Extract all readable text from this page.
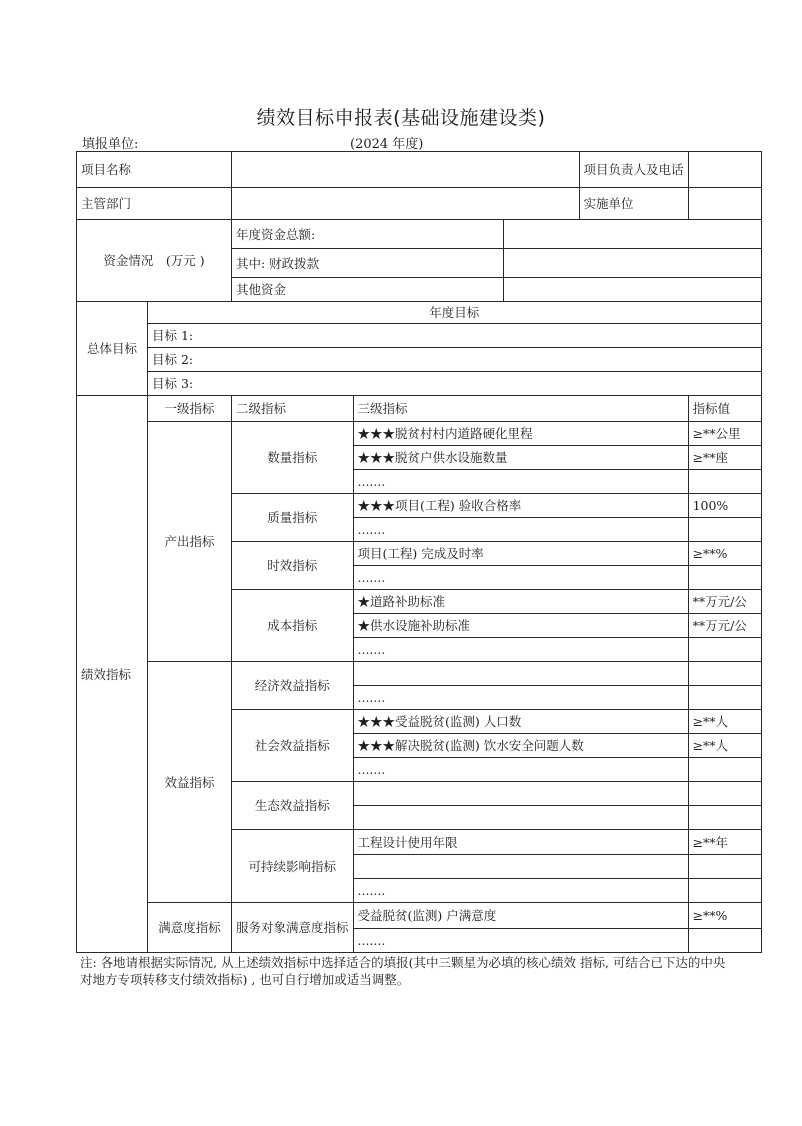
绩效目标申报表(基础设施建设类)
填报单位:	(2024 年度)
项目名称					项目负责人及电话	
主管部门					实施单位	
资金情况　(万元 )		年度资金总额:				
		其中: 财政拨款				
		其他资金				
总体目标	年度目标					
	目标 1:					
	目标 2:					
	目标 3:					
绩效指标	一级指标	二级指标	三级指标			指标值
	产出指标	数量指标	★★★脱贫村村内道路硬化里程			≥**公里
			★★★脱贫户供水设施数量			≥**座
			.......			
		质量指标	★★★项目(工程) 验收合格率			100%
			.......			
		时效指标	项目(工程) 完成及时率			≥**%
			.......			
		成本指标	★道路补助标准			**万元/公
			★供水设施补助标准			**万元/公
			.......			
	效益指标	经济效益指标				
			.......			
		社会效益指标	★★★受益脱贫(监测) 人口数			≥**人
			★★★解决脱贫(监测) 饮水安全问题人数			≥**人
			.......			
		生态效益指标				

		可持续影响指标	工程设计使用年限			≥**年

			.......			
	满意度指标	服务对象满意度指标	受益脱贫(监测) 户满意度			≥**%
			.......			
注: 各地请根据实际情况, 从上述绩效指标中选择适合的填报(其中三颗星为必填的核心绩效 指标, 可结合已下达的中央对地方专项转移支付绩效指标) , 也可自行增加或适当调整。
